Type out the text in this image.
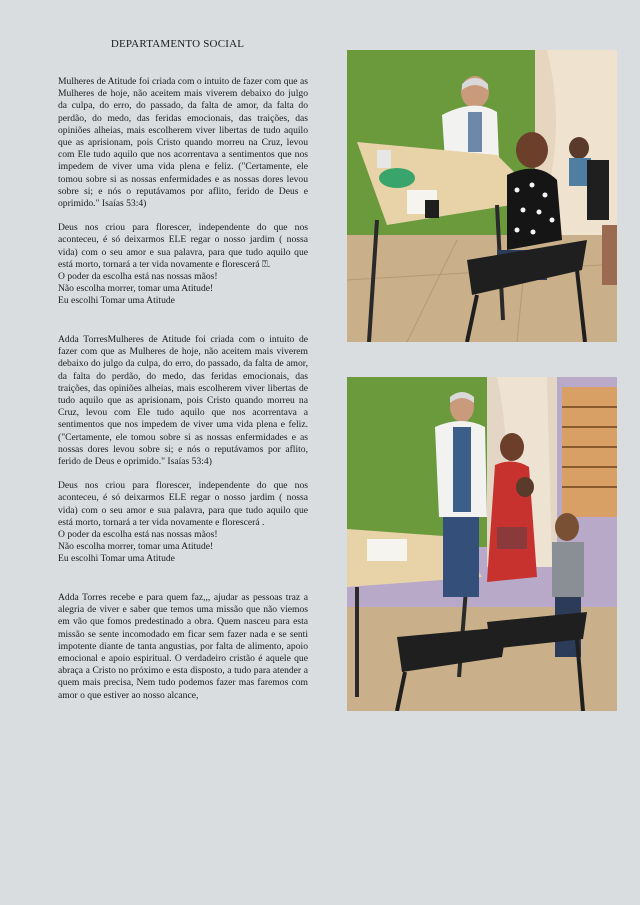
DEPARTAMENTO SOCIAL

Mulheres de Atitude foi criada com o intuito de fazer com que as Mulheres de hoje, não aceitem mais viverem debaixo do julgo da culpa, do erro, do passado, da falta de amor, da falta do perdão, do medo, das feridas emocionais, das traições, das opiniões alheias, mais escolherem viver libertas de tudo aquilo que as aprisionam, pois Cristo quando morreu na Cruz, levou com Ele tudo aquilo que nos acorrentava a sentimentos que nos impedem de viver uma vida plena e feliz. ("Certamente, ele tomou sobre si as nossas enfermidades e as nossas dores levou sobre si; e nós o reputávamos por aflito, ferido de Deus e oprimido." Isaías 53:4)

Deus nos criou para florescer, independente do que nos aconteceu, é só deixarmos ELE regar o nosso jardim ( nossa vida) com o seu amor e sua palavra, para que tudo aquilo que está morto, tornará a ter vida novamente e florescerá ⍰.
O poder da escolha está nas nossas mãos!
Não escolha morrer, tomar uma Atitude!
Eu escolhi Tomar uma Atitude

Adda TorresMulheres de Atitude foi criada com o intuito de fazer com que as Mulheres de hoje, não aceitem mais viverem debaixo do julgo da culpa, do erro, do passado, da falta de amor, da falta do perdão, do medo, das feridas emocionais, das traições, das opiniões alheias, mais escolherem viver libertas de tudo aquilo que as aprisionam, pois Cristo quando morreu na Cruz, levou com Ele tudo aquilo que nos acorrentava a sentimentos que nos impedem de viver uma vida plena e feliz. ("Certamente, ele tomou sobre si as nossas enfermidades e as nossas dores levou sobre si; e nós o reputávamos por aflito, ferido de Deus e oprimido." Isaías 53:4)

Deus nos criou para florescer, independente do que nos aconteceu, é só deixarmos ELE regar o nosso jardim ( nossa vida) com o seu amor e sua palavra, para que tudo aquilo que está morto, tornará a ter vida novamente e florescerá .
O poder da escolha está nas nossas mãos!
Não escolha morrer, tomar uma Atitude!
Eu escolhi Tomar uma Atitude

Adda Torres recebe e para quem faz,,, ajudar as pessoas traz a alegria de viver e saber que temos uma missão que não viemos em vão que fomos predestinado a obra. Quem nasceu para esta missão se sente incomodado em ficar sem fazer nada e se senti impotente diante de tanta angustias, por falta de alimento, apoio emocional e apoio espiritual. O verdadeiro cristão é aquele que abraça a Cristo no próximo e esta disposto, a tudo para atender a quem mais precisa, Nem tudo podemos fazer mas faremos com amor o que estiver ao nosso alcance,
